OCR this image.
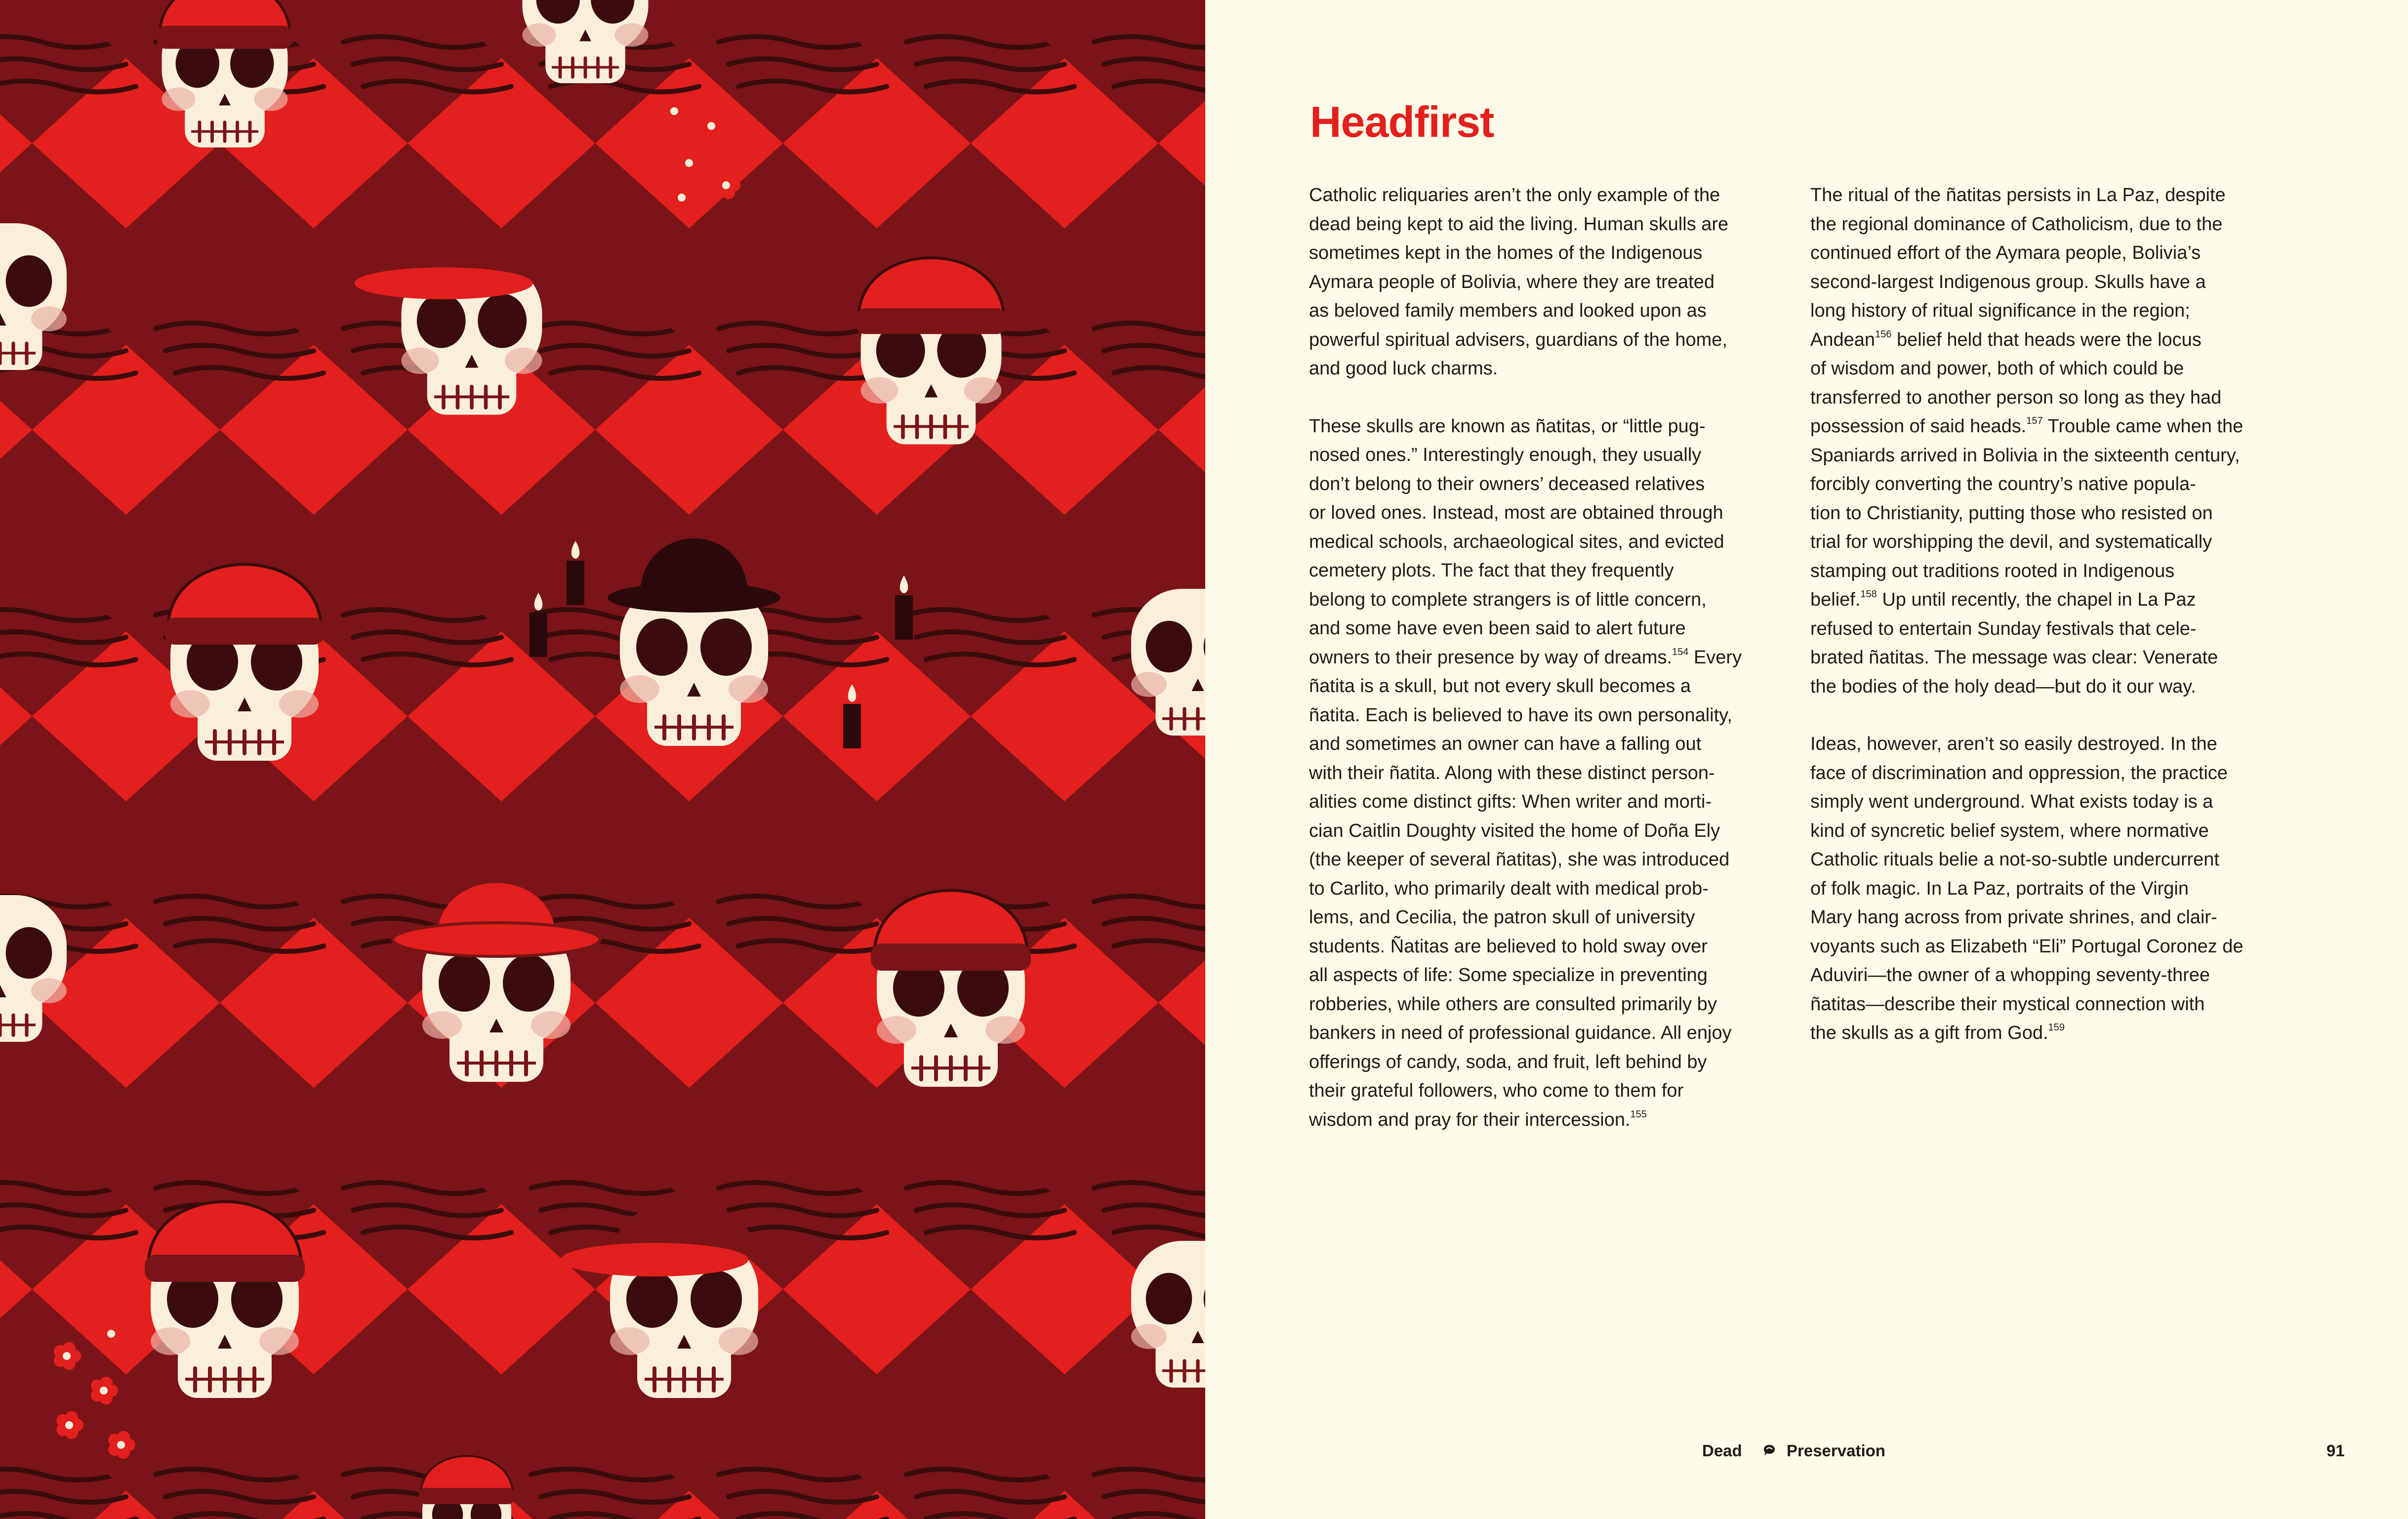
Headfirst
Catholic reliquaries aren’t the only example of the
dead being kept to aid the living. Human skulls are
sometimes kept in the homes of the Indigenous
Aymara people of Bolivia, where they are treated
as beloved family members and looked upon as
powerful spiritual advisers, guardians of the home,
and good luck charms.
These skulls are known as ñatitas, or “little pug-
nosed ones.” Interestingly enough, they usually
don’t belong to their owners’ deceased relatives
or loved ones. Instead, most are obtained through
medical schools, archaeological sites, and evicted
cemetery plots. The fact that they frequently
belong to complete strangers is of little concern,
and some have even been said to alert future
owners to their presence by way of dreams.$^{154}$ Every
ñatita is a skull, but not every skull becomes a
ñatita. Each is believed to have its own personality,
and sometimes an owner can have a falling out
with their ñatita. Along with these distinct person-
alities come distinct gifts: When writer and morti-
cian Caitlin Doughty visited the home of Doña Ely
(the keeper of several ñatitas), she was introduced
to Carlito, who primarily dealt with medical prob-
lems, and Cecilia, the patron skull of university
students. Ñatitas are believed to hold sway over
all aspects of life: Some specialize in preventing
robberies, while others are consulted primarily by
bankers in need of professional guidance. All enjoy
offerings of candy, soda, and fruit, left behind by
their grateful followers, who come to them for
wisdom and pray for their intercession.$^{155}$
The ritual of the ñatitas persists in La Paz, despite
the regional dominance of Catholicism, due to the
continued effort of the Aymara people, Bolivia’s
second-largest Indigenous group. Skulls have a
long history of ritual significance in the region;
Andean$^{156}$ belief held that heads were the locus
of wisdom and power, both of which could be
transferred to another person so long as they had
possession of said heads.$^{157}$ Trouble came when the
Spaniards arrived in Bolivia in the sixteenth century,
forcibly converting the country’s native popula-
tion to Christianity, putting those who resisted on
trial for worshipping the devil, and systematically
stamping out traditions rooted in Indigenous
belief.$^{158}$ Up until recently, the chapel in La Paz
refused to entertain Sunday festivals that cele-
brated ñatitas. The message was clear: Venerate
the bodies of the holy dead—but do it our way.
Ideas, however, aren’t so easily destroyed. In the
face of discrimination and oppression, the practice
simply went underground. What exists today is a
kind of syncretic belief system, where normative
Catholic rituals belie a not-so-subtle undercurrent
of folk magic. In La Paz, portraits of the Virgin
Mary hang across from private shrines, and clair-
voyants such as Elizabeth “Eli” Portugal Coronez de
Aduviri—the owner of a whopping seventy-three
ñatitas—describe their mystical connection with
the skulls as a gift from God.$^{159}$
Dead	Preservation	91
